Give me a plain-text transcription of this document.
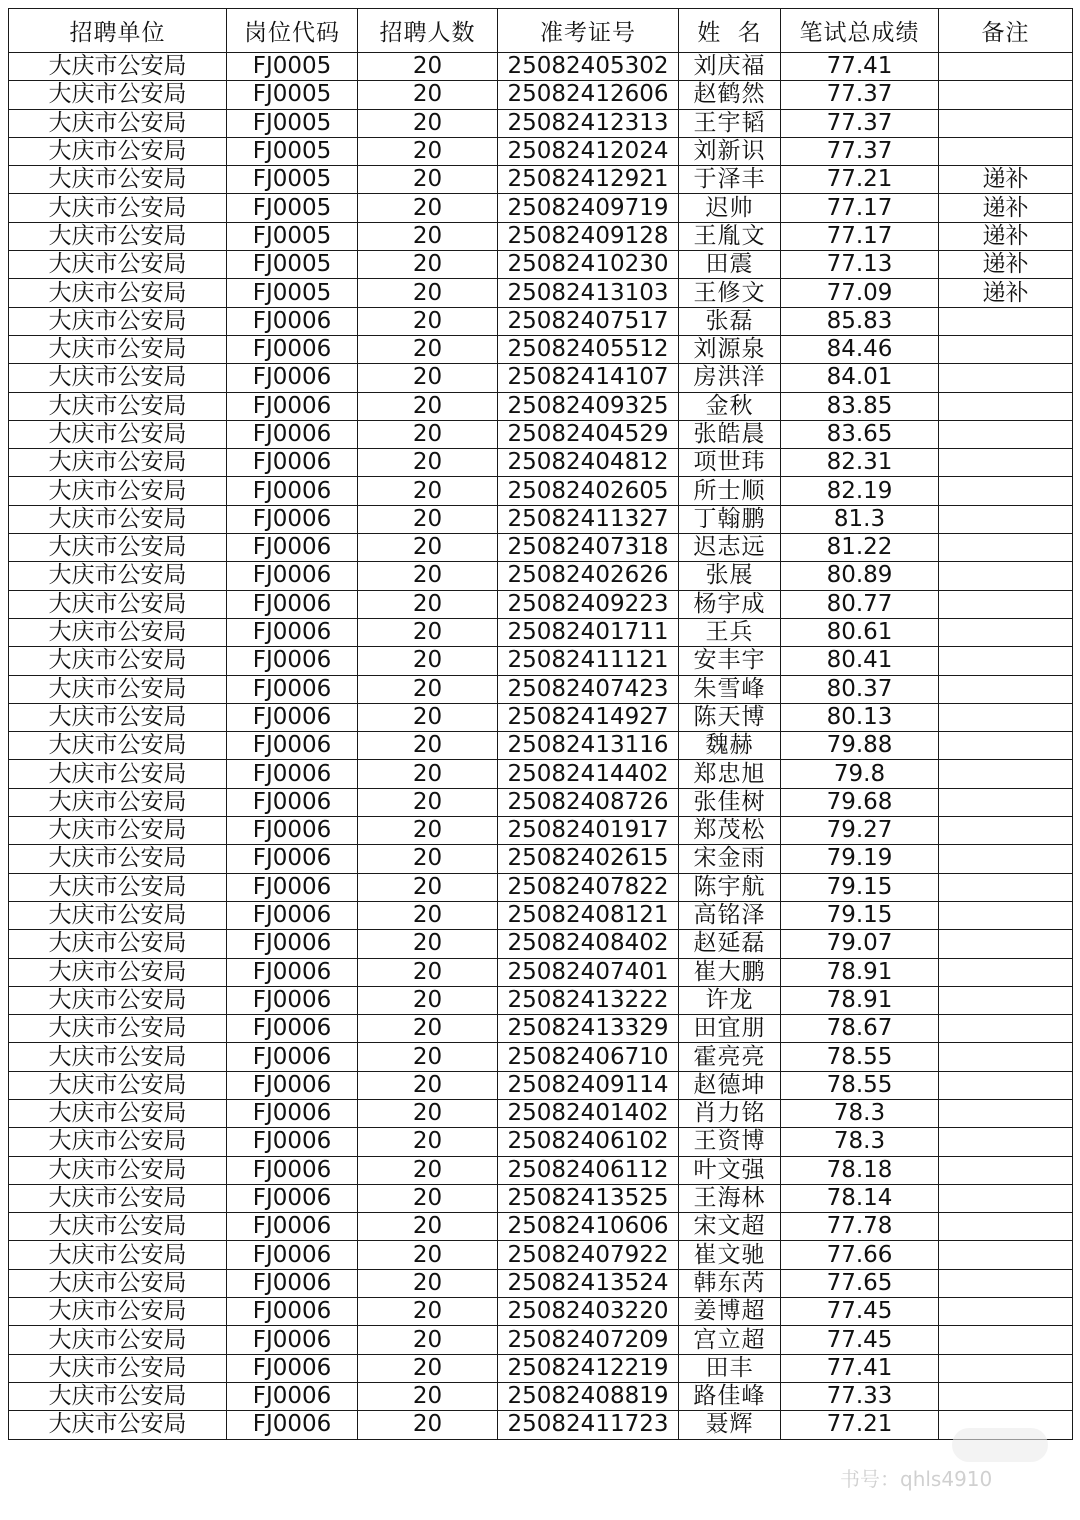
招聘单位	岗位代码	招聘人数	准考证号	姓  名	笔试总成绩	备注
大庆市公安局	FJ0005	20	25082405302	刘庆福	77.41	
大庆市公安局	FJ0005	20	25082412606	赵鹤然	77.37	
大庆市公安局	FJ0005	20	25082412313	王宇韬	77.37	
大庆市公安局	FJ0005	20	25082412024	刘新识	77.37	
大庆市公安局	FJ0005	20	25082412921	于泽丰	77.21	递补
大庆市公安局	FJ0005	20	25082409719	迟帅	77.17	递补
大庆市公安局	FJ0005	20	25082409128	王胤文	77.17	递补
大庆市公安局	FJ0005	20	25082410230	田震	77.13	递补
大庆市公安局	FJ0005	20	25082413103	王修文	77.09	递补
大庆市公安局	FJ0006	20	25082407517	张磊	85.83	
大庆市公安局	FJ0006	20	25082405512	刘源泉	84.46	
大庆市公安局	FJ0006	20	25082414107	房洪洋	84.01	
大庆市公安局	FJ0006	20	25082409325	金秋	83.85	
大庆市公安局	FJ0006	20	25082404529	张皓晨	83.65	
大庆市公安局	FJ0006	20	25082404812	项世玮	82.31	
大庆市公安局	FJ0006	20	25082402605	所士顺	82.19	
大庆市公安局	FJ0006	20	25082411327	丁翰鹏	81.3	
大庆市公安局	FJ0006	20	25082407318	迟志远	81.22	
大庆市公安局	FJ0006	20	25082402626	张展	80.89	
大庆市公安局	FJ0006	20	25082409223	杨宇成	80.77	
大庆市公安局	FJ0006	20	25082401711	王兵	80.61	
大庆市公安局	FJ0006	20	25082411121	安丰宇	80.41	
大庆市公安局	FJ0006	20	25082407423	朱雪峰	80.37	
大庆市公安局	FJ0006	20	25082414927	陈天博	80.13	
大庆市公安局	FJ0006	20	25082413116	魏赫	79.88	
大庆市公安局	FJ0006	20	25082414402	郑忠旭	79.8	
大庆市公安局	FJ0006	20	25082408726	张佳树	79.68	
大庆市公安局	FJ0006	20	25082401917	郑茂松	79.27	
大庆市公安局	FJ0006	20	25082402615	宋金雨	79.19	
大庆市公安局	FJ0006	20	25082407822	陈宇航	79.15	
大庆市公安局	FJ0006	20	25082408121	高铭泽	79.15	
大庆市公安局	FJ0006	20	25082408402	赵延磊	79.07	
大庆市公安局	FJ0006	20	25082407401	崔大鹏	78.91	
大庆市公安局	FJ0006	20	25082413222	许龙	78.91	
大庆市公安局	FJ0006	20	25082413329	田宜朋	78.67	
大庆市公安局	FJ0006	20	25082406710	霍亮亮	78.55	
大庆市公安局	FJ0006	20	25082409114	赵德坤	78.55	
大庆市公安局	FJ0006	20	25082401402	肖力铭	78.3	
大庆市公安局	FJ0006	20	25082406102	王资博	78.3	
大庆市公安局	FJ0006	20	25082406112	叶文强	78.18	
大庆市公安局	FJ0006	20	25082413525	王海林	78.14	
大庆市公安局	FJ0006	20	25082410606	宋文超	77.78	
大庆市公安局	FJ0006	20	25082407922	崔文驰	77.66	
大庆市公安局	FJ0006	20	25082413524	韩东芮	77.65	
大庆市公安局	FJ0006	20	25082403220	姜博超	77.45	
大庆市公安局	FJ0006	20	25082407209	宫立超	77.45	
大庆市公安局	FJ0006	20	25082412219	田丰	77.41	
大庆市公安局	FJ0006	20	25082408819	路佳峰	77.33	
大庆市公安局	FJ0006	20	25082411723	聂辉	77.21	
书号：qhls4910
